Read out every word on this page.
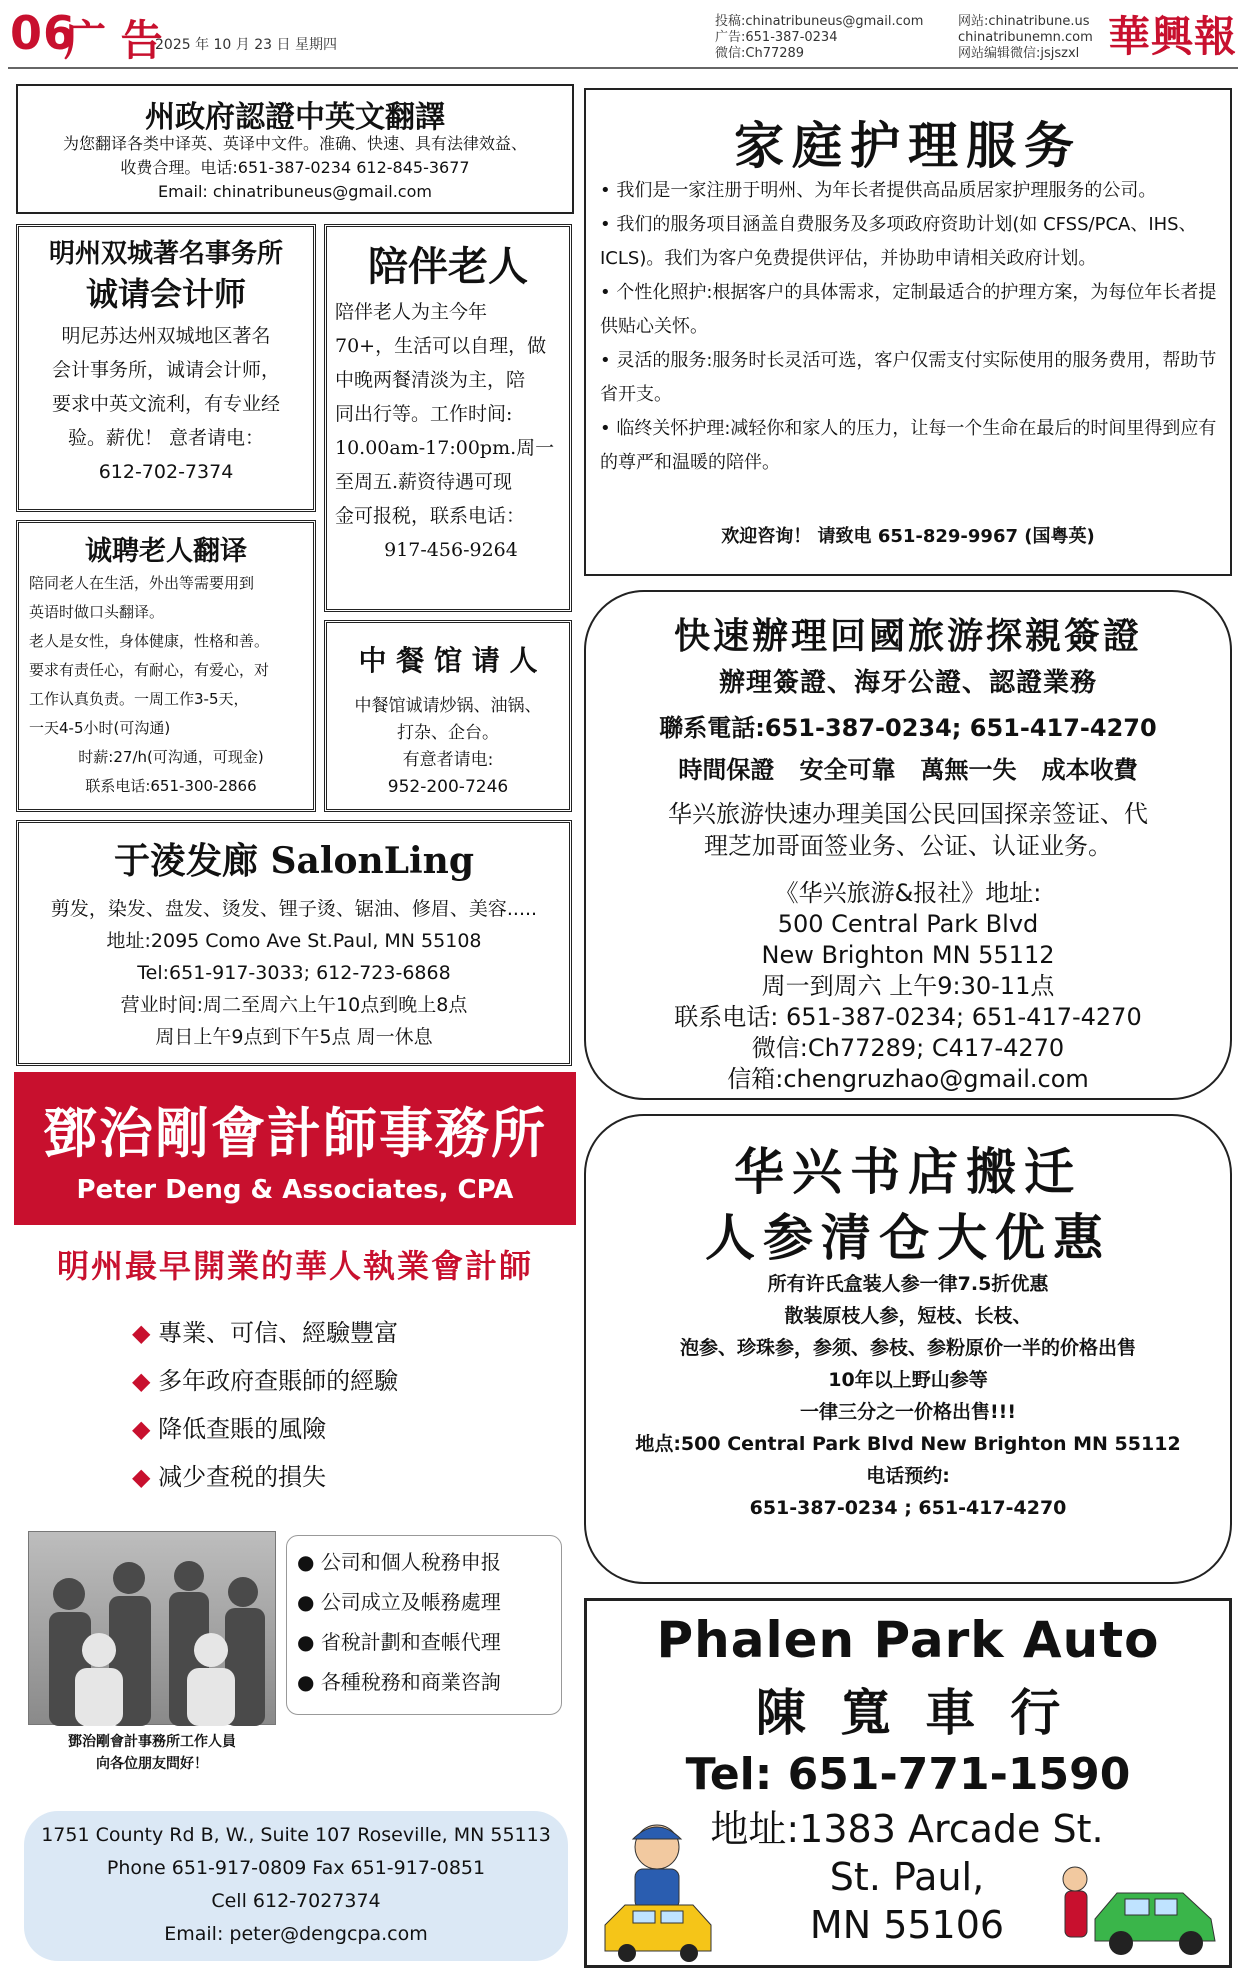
06
广 告
2025 年 10 月 23 日 星期四
投稿:chinatribuneus@gmail.com
广告:651-387-0234
微信:Ch77289
网站:chinatribune.us
chinatribunemn.com
网站编辑微信:jsjszxl 華興報
州政府認證中英文翻譯
为您翻译各类中译英、英译中文件。准确、快速、具有法律效益、
收费合理。电话:651-387-0234 612-845-3677
Email: chinatribuneus@gmail.com
明州双城著名事务所
诚请会计师
明尼苏达州双城地区著名
会计事务所，诚请会计师，
要求中英文流利，有专业经
验。薪优！ 意者请电：
612-702-7374
陪伴老人
陪伴老人为主今年
70+，生活可以自理，做
中晚两餐清淡为主，陪
同出行等。工作时间:
10.00am-17:00pm.周一
至周五.薪资待遇可现
金可报税，联系电话：
917-456-9264
诚聘老人翻译
陪同老人在生活，外出等需要用到
英语时做口头翻译。
老人是女性，身体健康，性格和善。
要求有责任心，有耐心，有爱心，对
工作认真负责。一周工作3-5天，
一天4-5小时(可沟通)
时薪:27/h(可沟通，可现金)
联系电话:651-300-2866
中 餐 馆 请 人
中餐馆诚请炒锅、油锅、
打杂、企台。
有意者请电:
952-200-7246
于淩发廊 SalonLing
剪发，染发、盘发、烫发、锂子烫、锯油、修眉、美容.....
地址:2095 Como Ave St.Paul, MN 55108
Tel:651-917-3033; 612-723-6868
营业时间:周二至周六上午10点到晚上8点
周日上午9点到下午5点 周一休息
鄧治剛會計師事務所
Peter Deng & Associates, CPA
明州最早開業的華人執業會計師
◆ 專業、可信、經驗豐富
◆ 多年政府查賬師的經驗
◆ 降低查賬的風險
◆ 减少查税的損失
鄧治剛會計事務所工作人員
向各位朋友問好！
● 公司和個人稅務申报
● 公司成立及帳務處理
● 省稅計劃和查帳代理
● 各種稅務和商業咨詢
1751 County Rd B, W., Suite 107 Roseville, MN 55113
Phone 651-917-0809 Fax 651-917-0851
Cell 612-7027374
Email: peter@dengcpa.com
家庭护理服务

• 我们是一家注册于明州、为年长者提供高品质居家护理服务的公司。

• 我们的服务项目涵盖自费服务及多项政府资助计划(如 CFSS/PCA、IHS、ICLS)。我们为客户免费提供评估，并协助申请相关政府计划。

• 个性化照护:根据客户的具体需求，定制最适合的护理方案，为每位年长者提供贴心关怀。

• 灵活的服务:服务时长灵活可选，客户仅需支付实际使用的服务费用，帮助节省开支。

• 临终关怀护理:减轻你和家人的压力，让每一个生命在最后的时间里得到应有的尊严和温暖的陪伴。

欢迎咨询！ 请致电 651-829-9967 (国粤英)
快速辦理回國旅游探親簽證
辦理簽證、海牙公證、認證業務
聯系電話:651-387-0234; 651-417-4270
時間保證   安全可靠   萬無一失   成本收費
华兴旅游快速办理美国公民回国探亲签证、代
理芝加哥面签业务、公证、认证业务。
《华兴旅游&报社》地址:
500 Central Park Blvd
New Brighton MN 55112
周一到周六 上午9:30-11点
联系电话: 651-387-0234; 651-417-4270
微信:Ch77289; C417-4270
信箱:chengruzhao@gmail.com
华兴书店搬迁
人参清仓大优惠
所有许氏盒装人参一律7.5折优惠
散装原枝人参，短枝、长枝、
泡参、珍珠参，参须、参枝、参粉原价一半的价格出售
10年以上野山参等
一律三分之一价格出售!!!
地点:500 Central Park Blvd New Brighton MN 55112
电话预约:
651-387-0234 ; 651-417-4270
Phalen Park Auto
陳  寬  車  行
Tel: 651-771-1590
地址:1383 Arcade St.
St. Paul,
MN 55106
